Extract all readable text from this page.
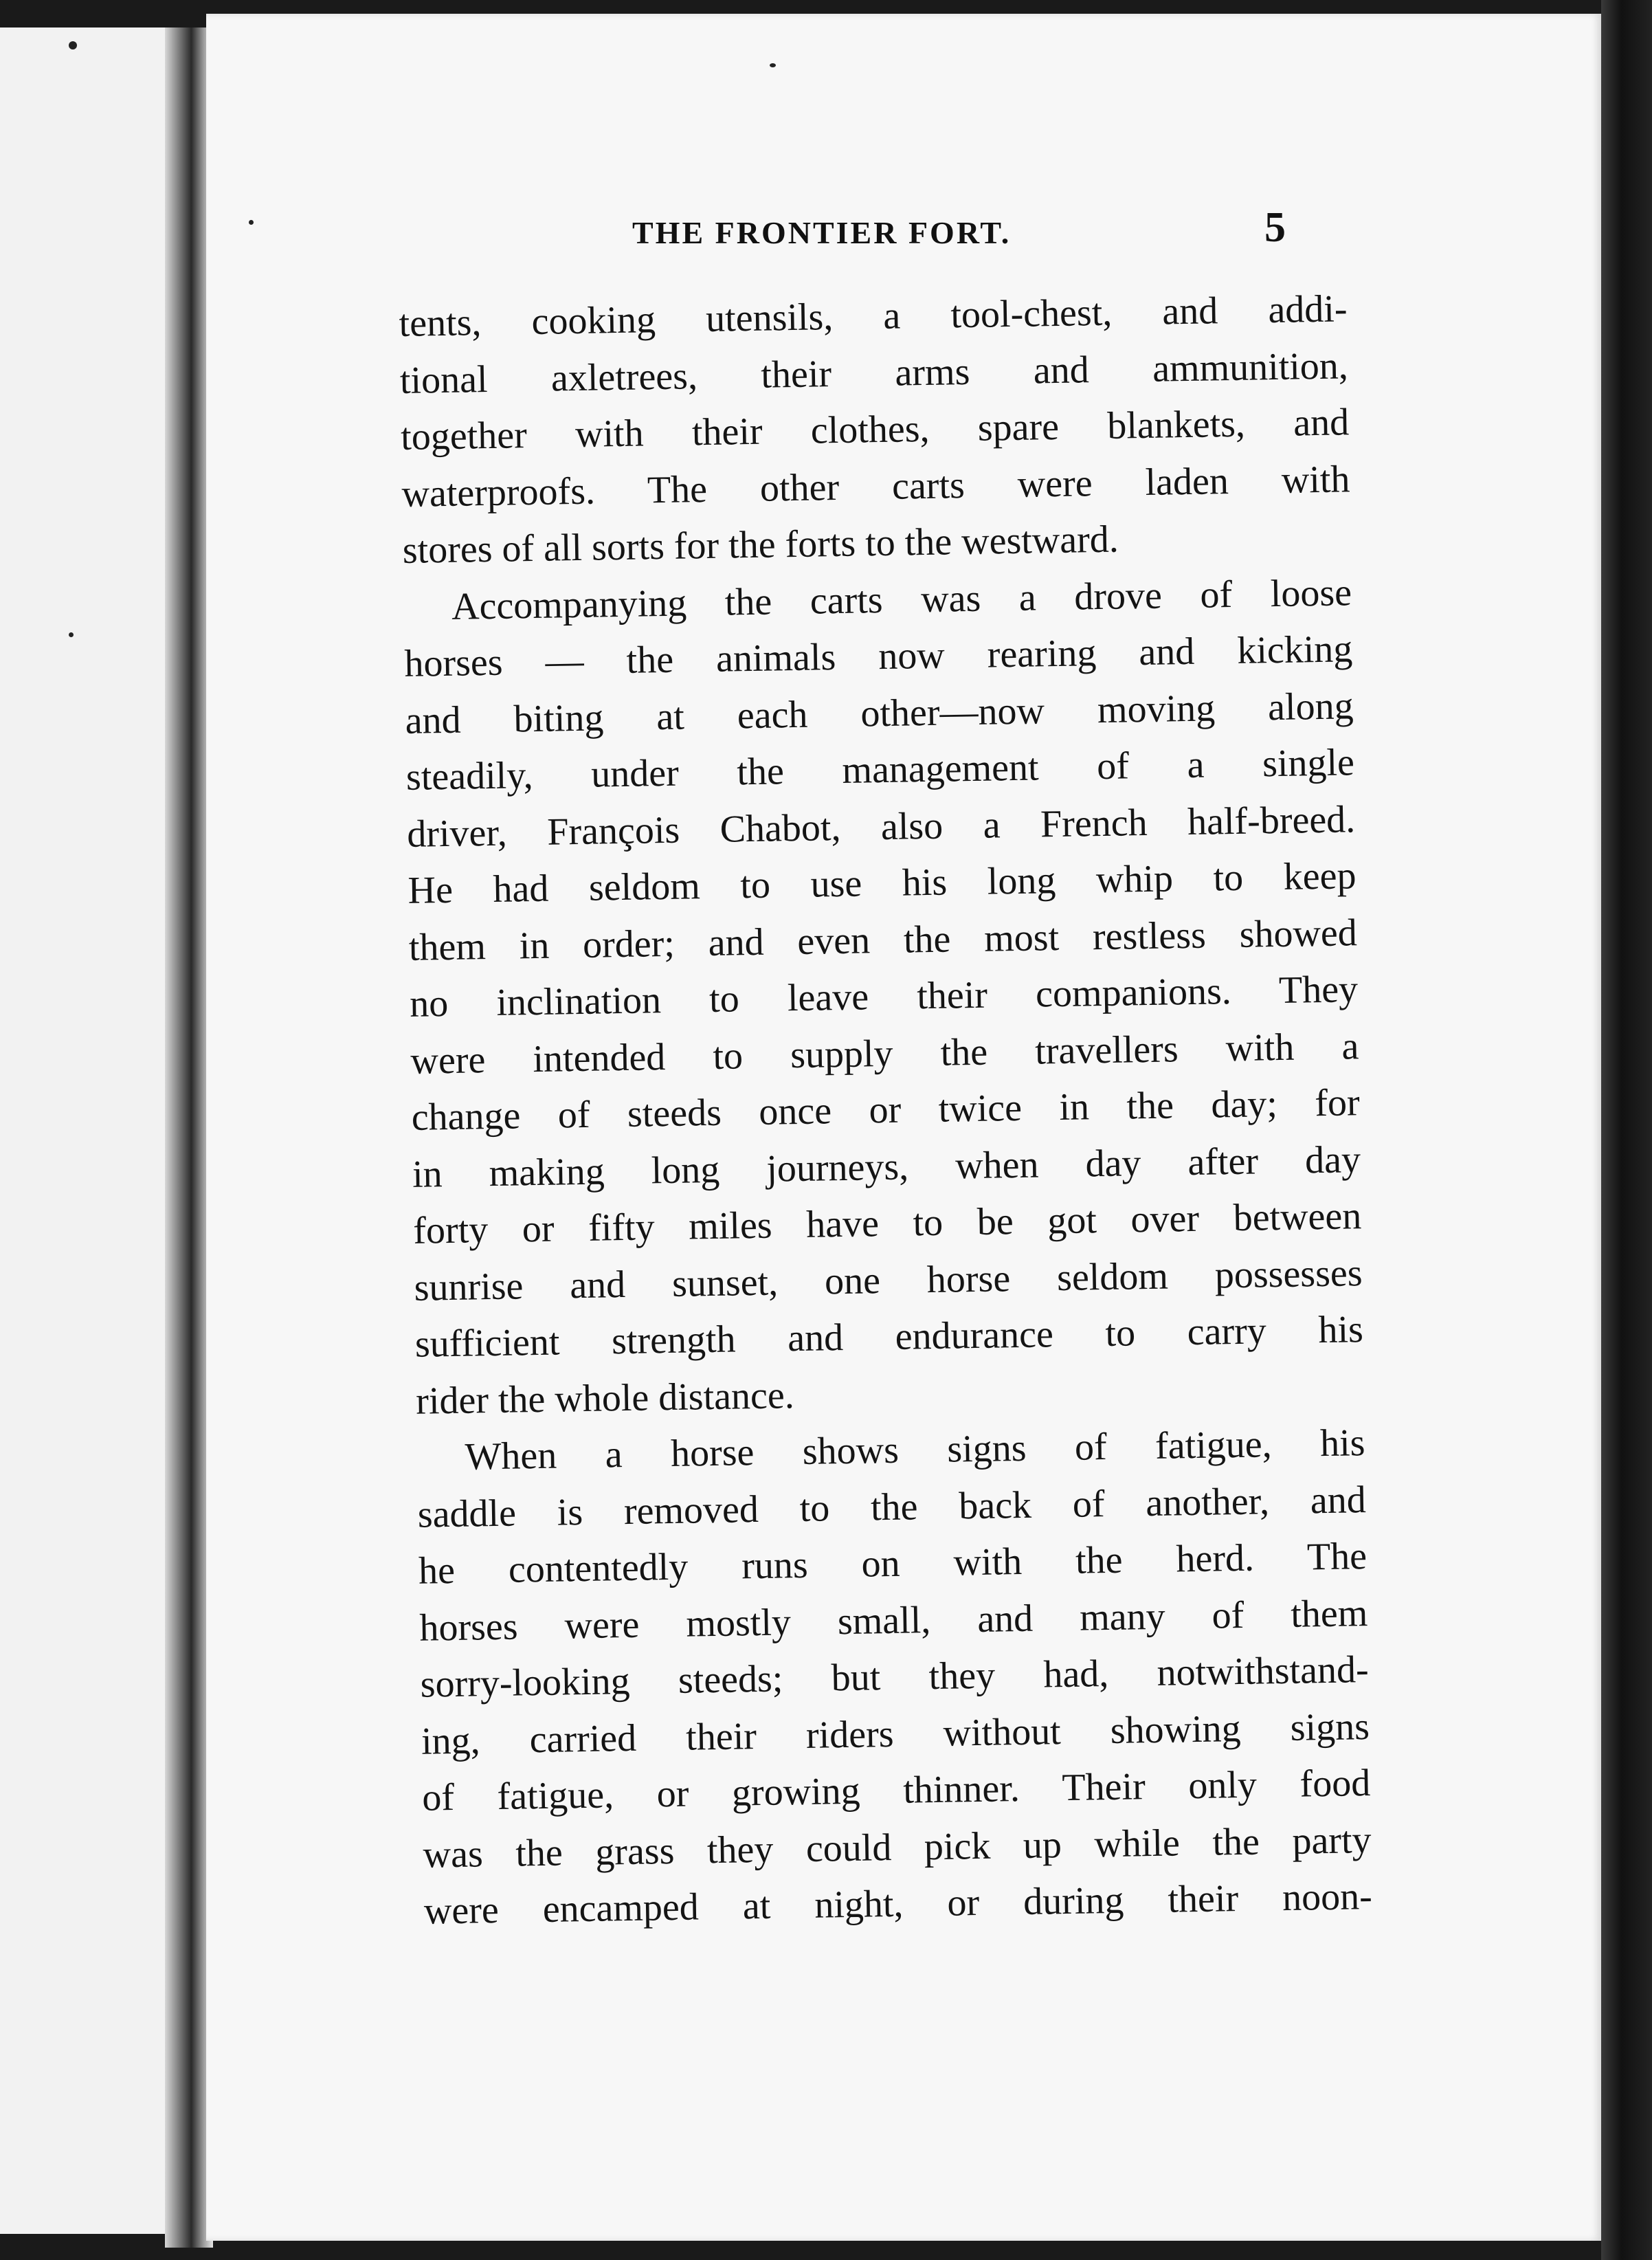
THE FRONTIER FORT.	5
tents, cooking utensils, a tool-chest, and addi-
tional axletrees, their arms and ammunition,
together with their clothes, spare blankets, and
waterproofs. The other carts were laden with
stores of all sorts for the forts to the westward.
Accompanying the carts was a drove of loose
horses — the animals now rearing and kicking
and biting at each other—now moving along
steadily, under the management of a single
driver, François Chabot, also a French half-breed.
He had seldom to use his long whip to keep
them in order; and even the most restless showed
no inclination to leave their companions. They
were intended to supply the travellers with a
change of steeds once or twice in the day; for
in making long journeys, when day after day
forty or fifty miles have to be got over between
sunrise and sunset, one horse seldom possesses
sufficient strength and endurance to carry his
rider the whole distance.
When a horse shows signs of fatigue, his
saddle is removed to the back of another, and
he contentedly runs on with the herd. The
horses were mostly small, and many of them
sorry-looking steeds; but they had, notwithstand-
ing, carried their riders without showing signs
of fatigue, or growing thinner. Their only food
was the grass they could pick up while the party
were encamped at night, or during their noon-
